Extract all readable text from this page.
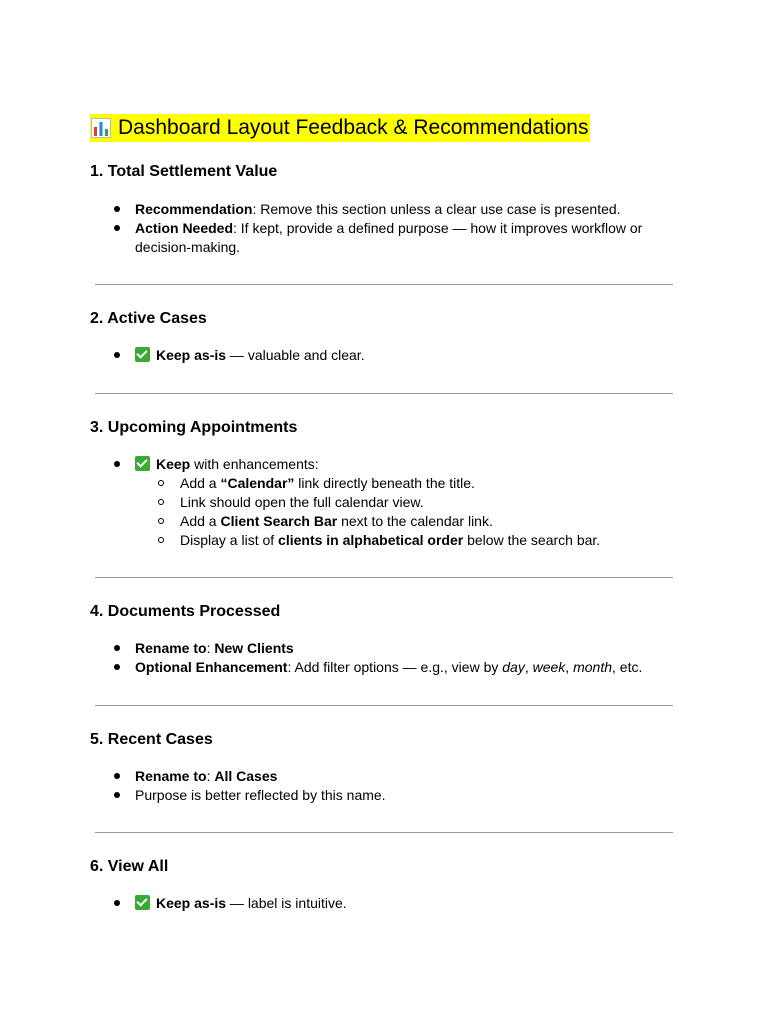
Dashboard Layout Feedback & Recommendations
1. Total Settlement Value
Recommendation: Remove this section unless a clear use case is presented.
Action Needed: If kept, provide a defined purpose — how it improves workflow or
decision-making.
2. Active Cases
Keep as-is — valuable and clear.
3. Upcoming Appointments
Keep with enhancements:
Add a “Calendar” link directly beneath the title.
Link should open the full calendar view.
Add a Client Search Bar next to the calendar link.
Display a list of clients in alphabetical order below the search bar.
4. Documents Processed
Rename to: New Clients
Optional Enhancement: Add filter options — e.g., view by day, week, month, etc.
5. Recent Cases
Rename to: All Cases
Purpose is better reflected by this name.
6. View All
Keep as-is — label is intuitive.
